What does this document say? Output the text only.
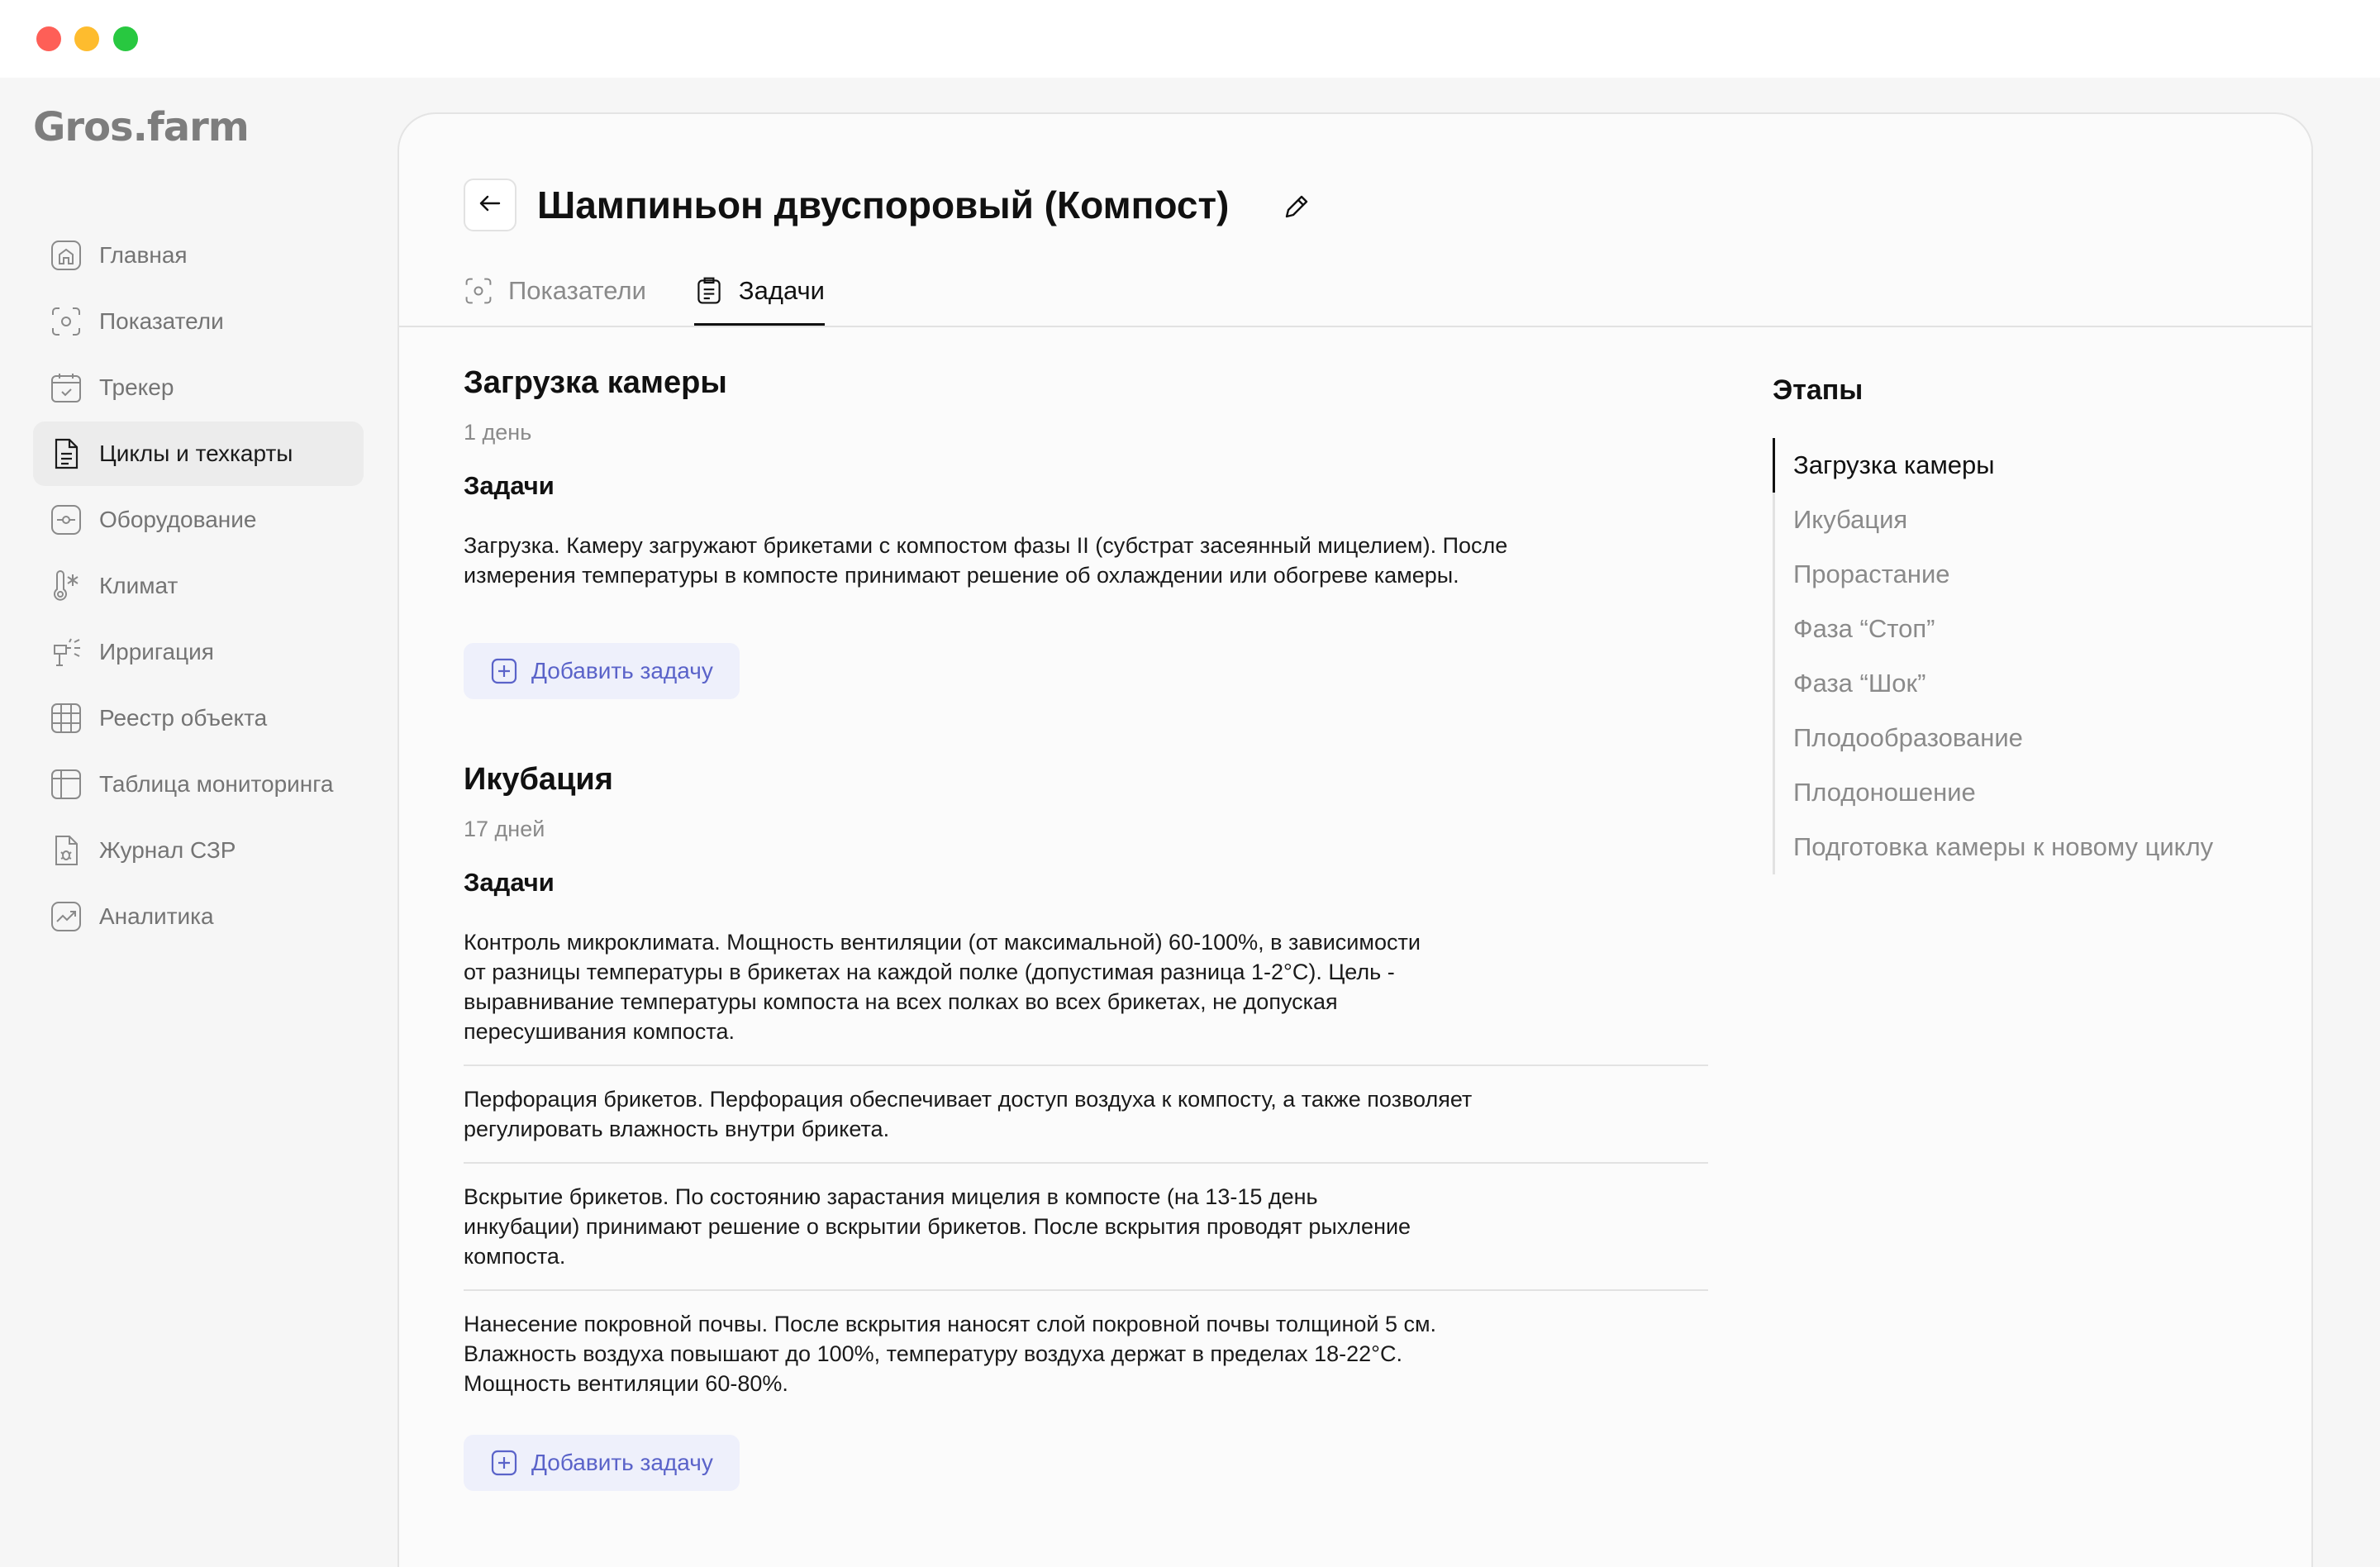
Gros.farm
Главная
Показатели
Трекер
Циклы и техкарты
Оборудование
Климат
Ирригация
Реестр объекта
Таблица мониторинга
Журнал СЗР
Аналитика
Шампиньон двуспоровый (Компост)
Показатели	Задачи
Загрузка камеры
1 день
Задачи

Загрузка. Камеру загружают брикетами с компостом фазы II (субстрат засеянный мицелием). После измерения температуры в компосте принимают решение об охлаждении или обогреве камеры.

Добавить задачу
Икубация
17 дней
Задачи

Контроль микроклимата. Мощность вентиляции (от максимальной) 60-100%, в зависимости от разницы температуры в брикетах на каждой полке (допустимая разница 1-2°С). Цель - выравнивание температуры компоста на всех полках во всех брикетах, не допуская пересушивания компоста.

Перфорация брикетов. Перфорация обеспечивает доступ воздуха к компосту, а также позволяет регулировать влажность внутри брикета.

Вскрытие брикетов. По состоянию зарастания мицелия в компосте (на 13-15 день инкубации) принимают решение о вскрытии брикетов. После вскрытия проводят рыхление компоста.

Нанесение покровной почвы. После вскрытия наносят слой покровной почвы толщиной 5 см. Влажность воздуха повышают до 100%, температуру воздуха держат в пределах 18-22°С. Мощность вентиляции 60-80%.

Добавить задачу
Этапы
Загрузка камеры
Икубация
Прорастание
Фаза “Стоп”
Фаза “Шок”
Плодообразование
Плодоношение
Подготовка камеры к новому циклу
